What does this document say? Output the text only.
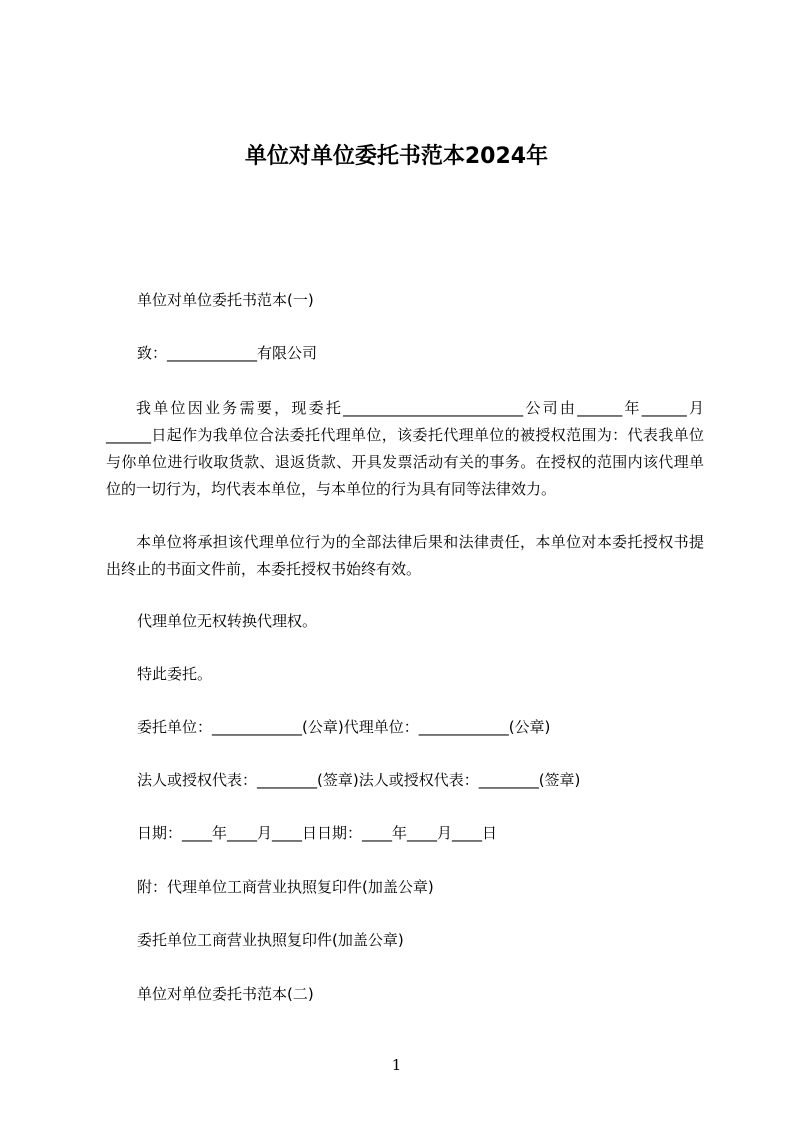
单位对单位委托书范本2024年
单位对单位委托书范本(一)
致：____________有限公司
我单位因业务需要，现委托________________________公司由______年______月______日起作为我单位合法委托代理单位，该委托代理单位的被授权范围为：代表我单位与你单位进行收取货款、退返货款、开具发票活动有关的事务。在授权的范围内该代理单位的一切行为，均代表本单位，与本单位的行为具有同等法律效力。
本单位将承担该代理单位行为的全部法律后果和法律责任，本单位对本委托授权书提出终止的书面文件前，本委托授权书始终有效。
代理单位无权转换代理权。
特此委托。
委托单位：____________(公章)代理单位：____________(公章)
法人或授权代表：________(签章)法人或授权代表：________(签章)
日期：____年____月____日日期：____年____月____日
附：代理单位工商营业执照复印件(加盖公章)
委托单位工商营业执照复印件(加盖公章)
单位对单位委托书范本(二)
1
